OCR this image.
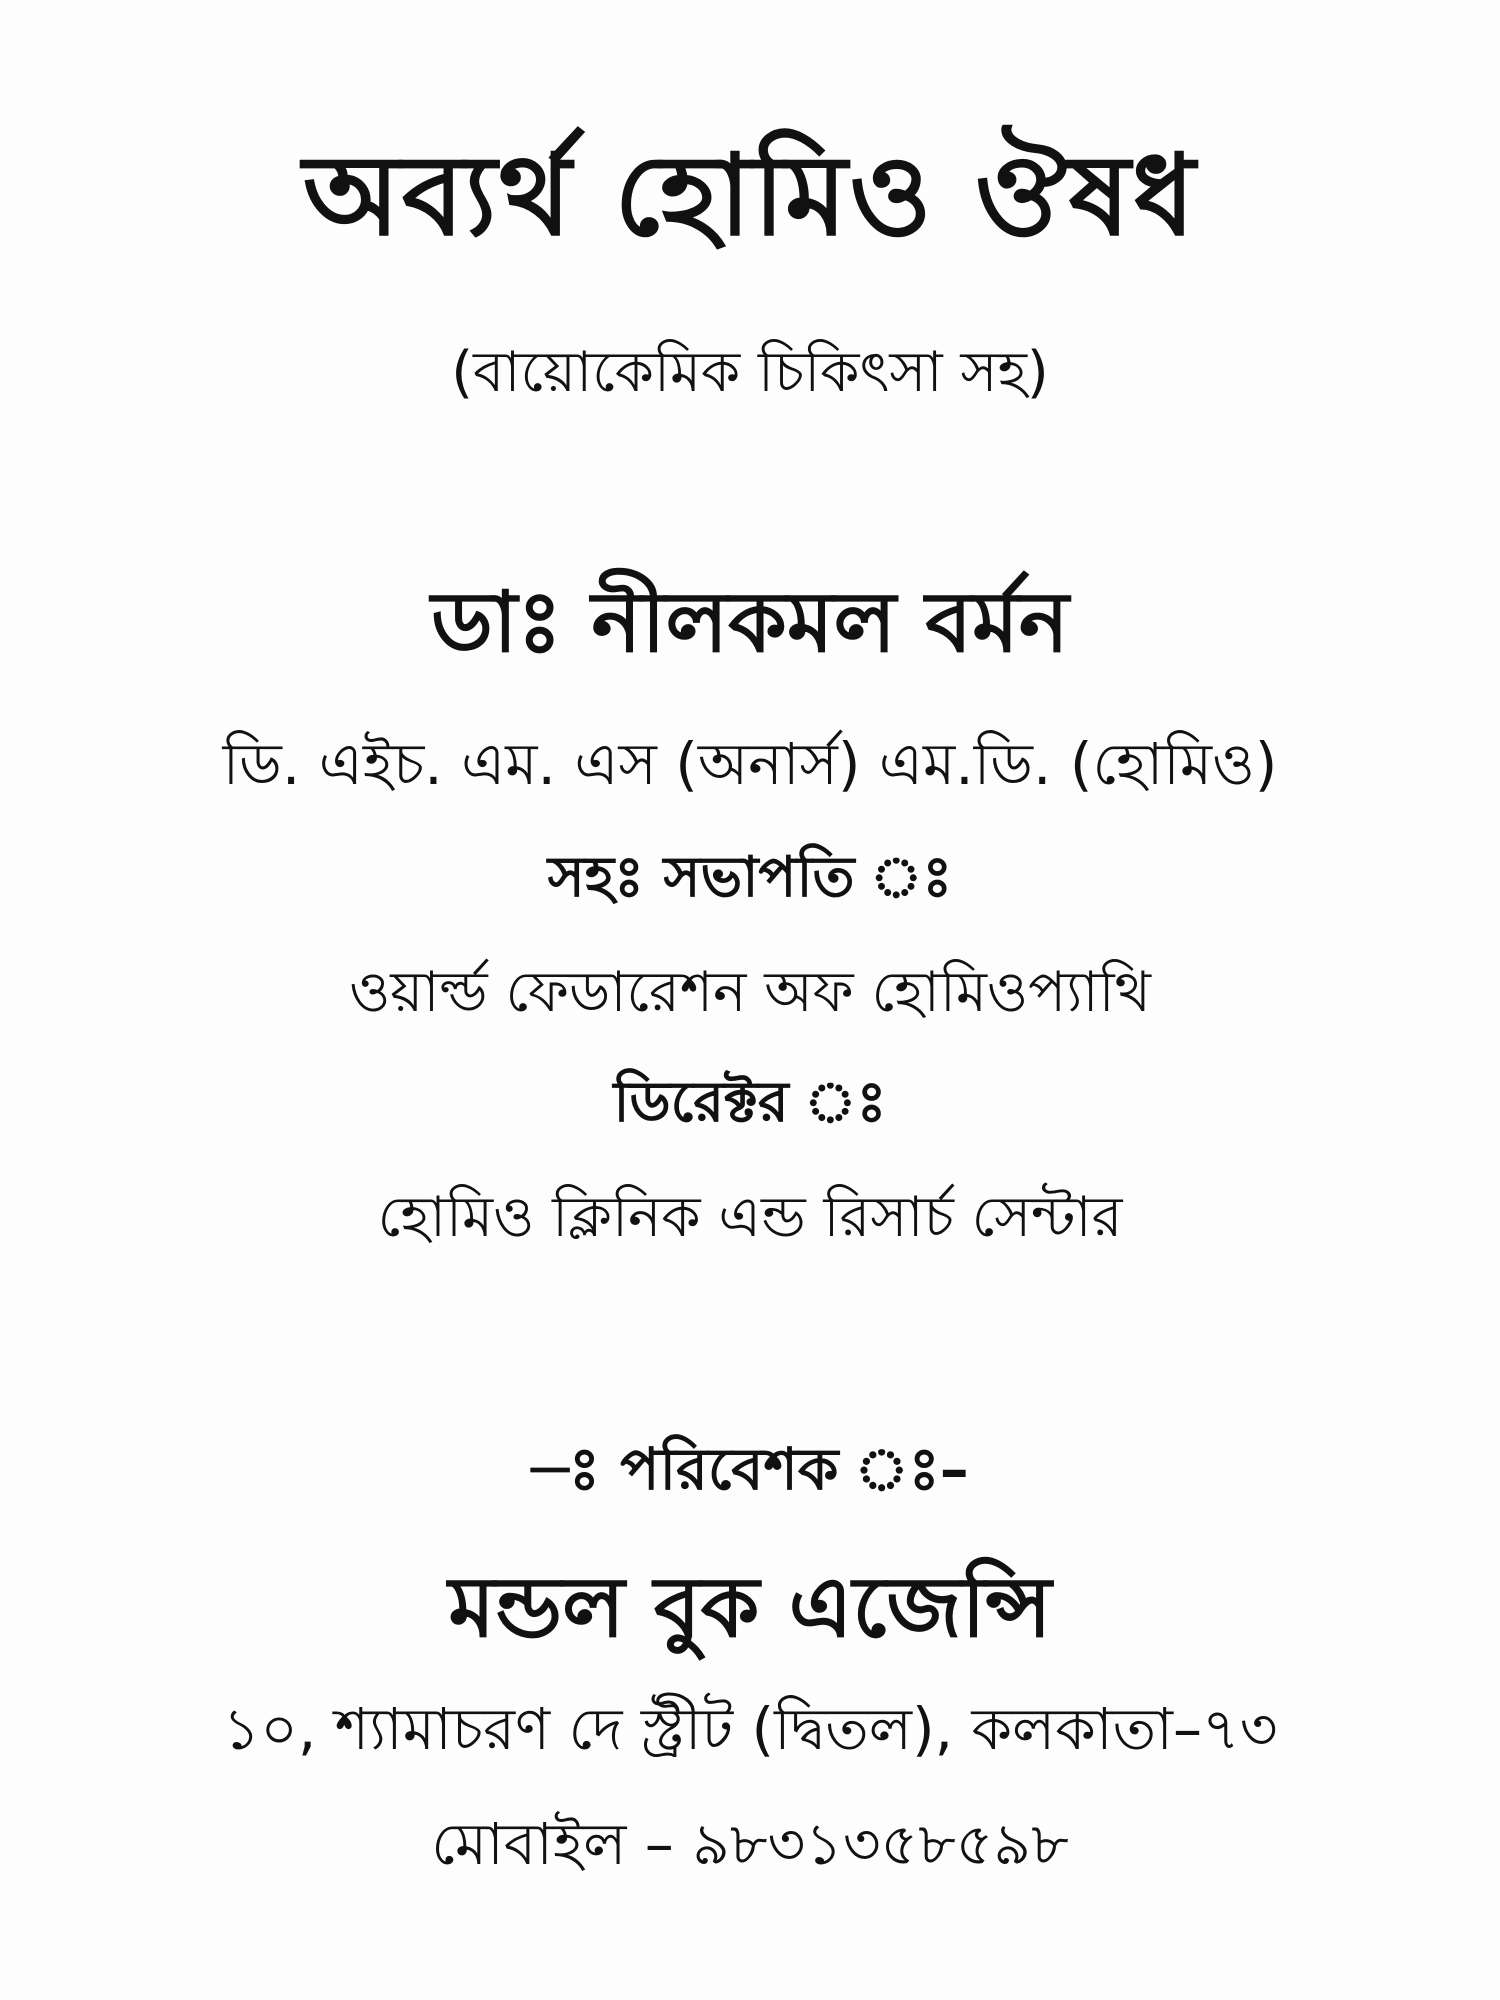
অব্যর্থ হোমিও ঔষধ
(বায়োকেমিক চিকিৎসা সহ)
ডাঃ নীলকমল বর্মন
ডি. এইচ. এম. এস (অনার্স) এম.ডি. (হোমিও)
সহঃ সভাপতি ঃ
ওয়ার্ল্ড ফেডারেশন অফ হোমিওপ্যাথি
ডিরেক্টর ঃ
হোমিও ক্লিনিক এন্ড রিসার্চ সেন্টার
–ঃ পরিবেশক ঃ–
মন্ডল বুক এজেন্সি
১০, শ্যামাচরণ দে স্ট্রীট (দ্বিতল), কলকাতা–৭৩
মোবাইল – ৯৮৩১৩৫৮৫৯৮
